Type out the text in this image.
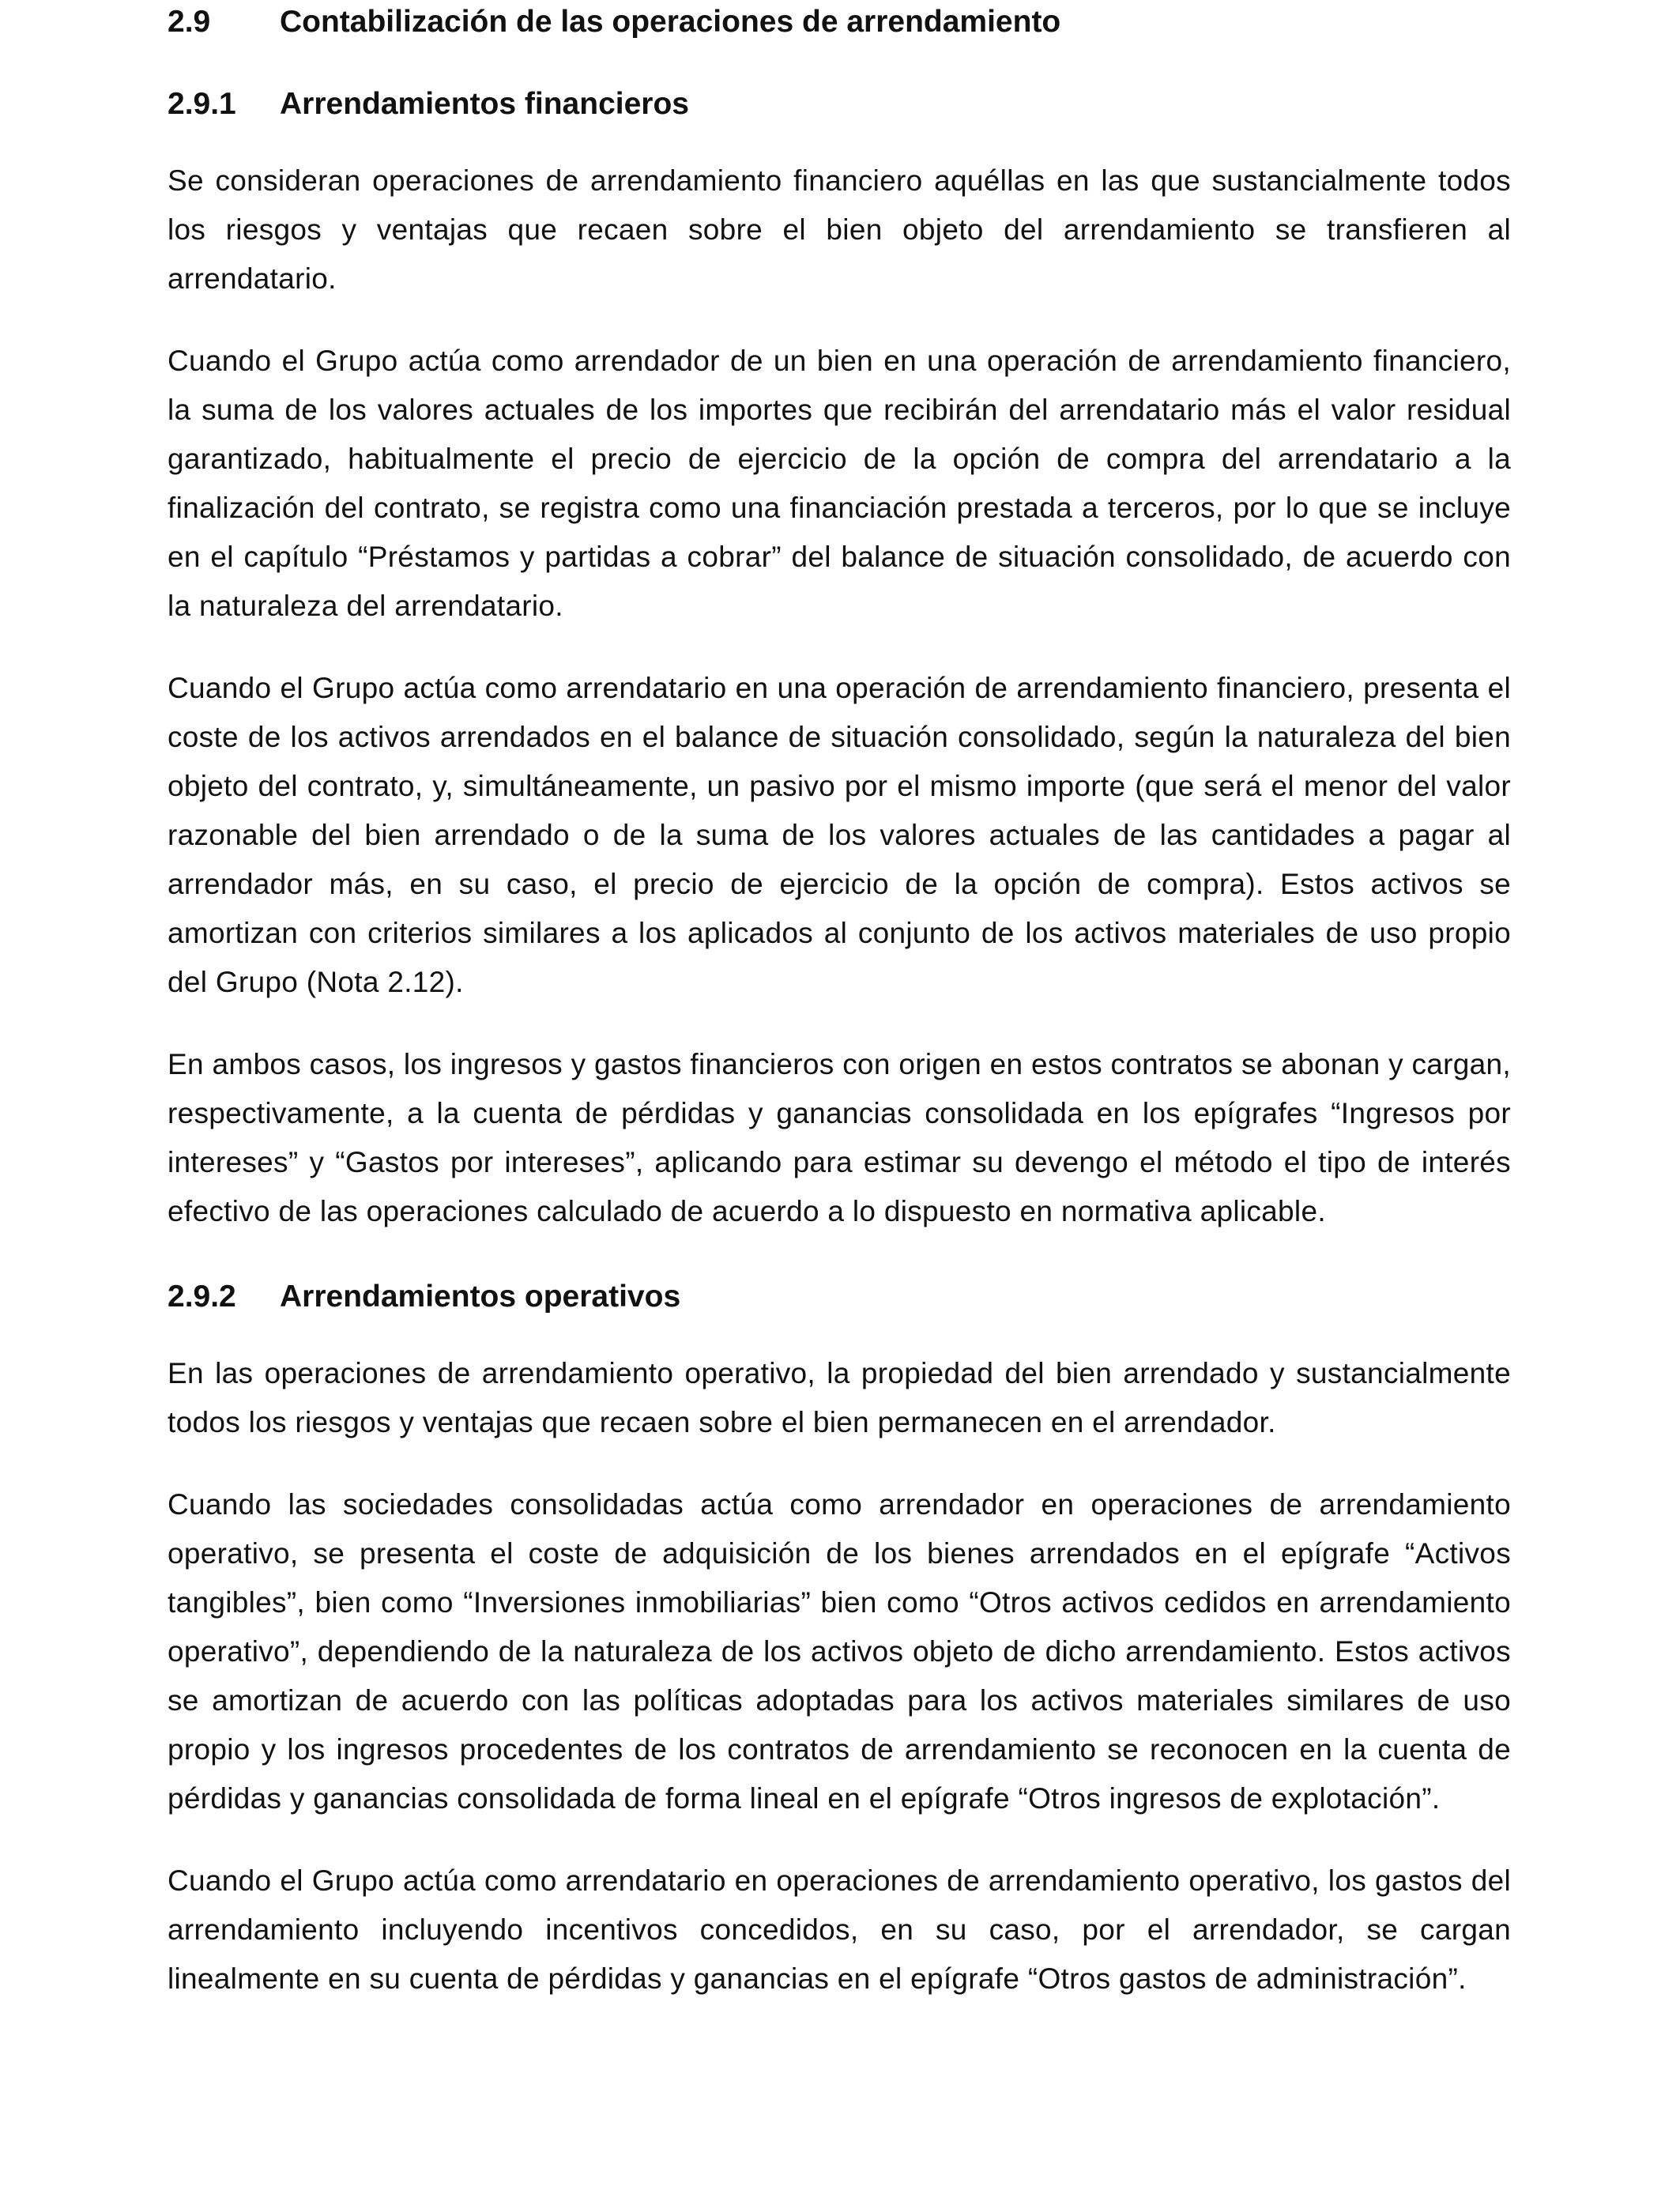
2.9	Contabilización de las operaciones de arrendamiento
2.9.1	Arrendamientos financieros

Se consideran operaciones de arrendamiento financiero aquéllas en las que sustancialmente todos los riesgos y ventajas que recaen sobre el bien objeto del arrendamiento se transfieren al arrendatario.

Cuando el Grupo actúa como arrendador de un bien en una operación de arrendamiento financiero, la suma de los valores actuales de los importes que recibirán del arrendatario más el valor residual garantizado, habitualmente el precio de ejercicio de la opción de compra del arrendatario a la finalización del contrato, se registra como una financiación prestada a terceros, por lo que se incluye en el capítulo “Préstamos y partidas a cobrar” del balance de situación consolidado, de acuerdo con la naturaleza del arrendatario.

Cuando el Grupo actúa como arrendatario en una operación de arrendamiento financiero, presenta el coste de los activos arrendados en el balance de situación consolidado, según la naturaleza del bien objeto del contrato, y, simultáneamente, un pasivo por el mismo importe (que será el menor del valor razonable del bien arrendado o de la suma de los valores actuales de las cantidades a pagar al arrendador más, en su caso, el precio de ejercicio de la opción de compra). Estos activos se amortizan con criterios similares a los aplicados al conjunto de los activos materiales de uso propio del Grupo (Nota 2.12).

En ambos casos, los ingresos y gastos financieros con origen en estos contratos se abonan y cargan, respectivamente, a la cuenta de pérdidas y ganancias consolidada en los epígrafes “Ingresos por intereses” y “Gastos por intereses”, aplicando para estimar su devengo el método el tipo de interés efectivo de las operaciones calculado de acuerdo a lo dispuesto en normativa aplicable.

2.9.2	Arrendamientos operativos

En las operaciones de arrendamiento operativo, la propiedad del bien arrendado y sustancialmente todos los riesgos y ventajas que recaen sobre el bien permanecen en el arrendador.

Cuando las sociedades consolidadas actúa como arrendador en operaciones de arrendamiento operativo, se presenta el coste de adquisición de los bienes arrendados en el epígrafe “Activos tangibles”, bien como “Inversiones inmobiliarias” bien como “Otros activos cedidos en arrendamiento operativo”, dependiendo de la naturaleza de los activos objeto de dicho arrendamiento. Estos activos se amortizan de acuerdo con las políticas adoptadas para los activos materiales similares de uso propio y los ingresos procedentes de los contratos de arrendamiento se reconocen en la cuenta de pérdidas y ganancias consolidada de forma lineal en el epígrafe “Otros ingresos de explotación”.

Cuando el Grupo actúa como arrendatario en operaciones de arrendamiento operativo, los gastos del arrendamiento incluyendo incentivos concedidos, en su caso, por el arrendador, se cargan linealmente en su cuenta de pérdidas y ganancias en el epígrafe “Otros gastos de administración”.
